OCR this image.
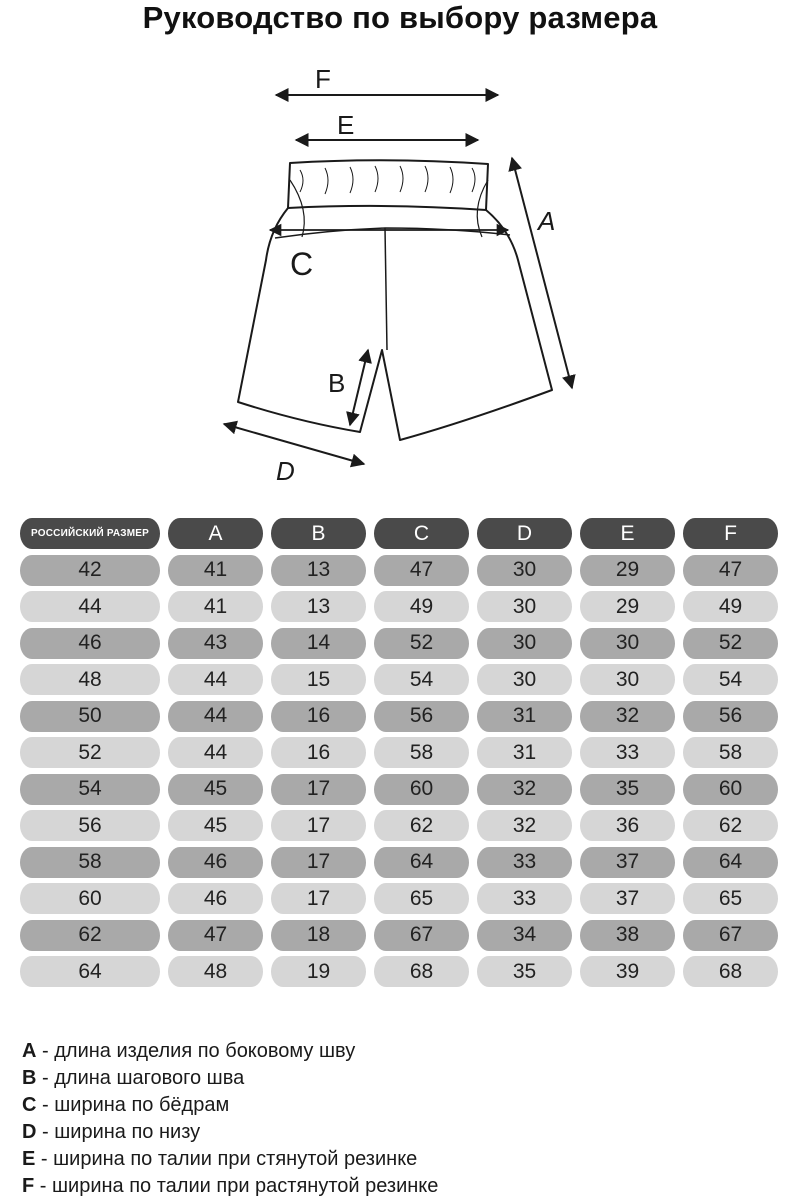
Руководство по выбору размера
F
E
A
C
B
D
РОССИЙСКИЙ РАЗМЕР	A	B	C	D	E	F
42	41	13	47	30	29	47
44	41	13	49	30	29	49
46	43	14	52	30	30	52
48	44	15	54	30	30	54
50	44	16	56	31	32	56
52	44	16	58	31	33	58
54	45	17	60	32	35	60
56	45	17	62	32	36	62
58	46	17	64	33	37	64
60	46	17	65	33	37	65
62	47	18	67	34	38	67
64	48	19	68	35	39	68
A - длина изделия по боковому шву
B - длина шагового шва
C - ширина по бёдрам
D - ширина по низу
E - ширина по талии при стянутой резинке
F - ширина по талии при растянутой резинке
